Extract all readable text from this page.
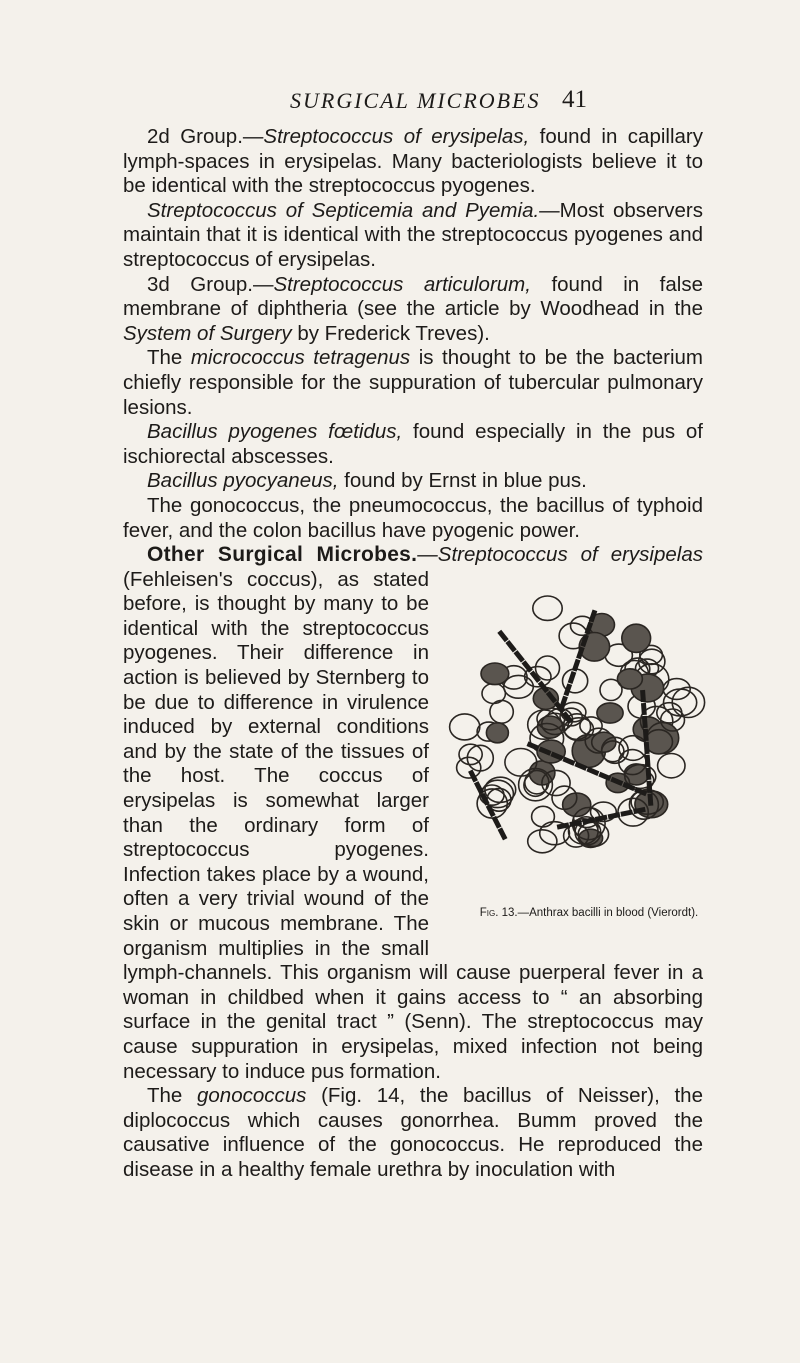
SURGICAL MICROBES 41

2d Group.—Streptococcus of erysipelas, found in capillary lymph-spaces in erysipelas. Many bacteriologists believe it to be identical with the streptococcus pyogenes.

Streptococcus of Septicemia and Pyemia.—Most observers maintain that it is identical with the streptococcus pyogenes and streptococcus of erysipelas.

3d Group.—Streptococcus articulorum, found in false membrane of diphtheria (see the article by Woodhead in the System of Surgery by Frederick Treves).

The micrococcus tetragenus is thought to be the bacterium chiefly responsible for the suppuration of tubercular pulmonary lesions.

Bacillus pyogenes fœtidus, found especially in the pus of ischiorectal abscesses.

Bacillus pyocyaneus, found by Ernst in blue pus.

The gonococcus, the pneumococcus, the bacillus of typhoid fever, and the colon bacillus have pyogenic power.

Other Surgical Microbes.—Streptococcus of erysipelas
Fig. 13.—Anthrax bacilli in blood (Vierordt).
(Fehleisen's coccus), as stated before, is thought by many to be identical with the streptococcus pyogenes. Their difference in action is believed by Sternberg to be due to difference in virulence induced by external conditions and by the state of the tissues of the host. The coccus of erysipelas is somewhat larger than the ordinary form of streptococcus pyogenes. Infection takes place by a wound, often a very trivial wound of the skin or mucous membrane. The organism multiplies in the small lymph-channels. This organism will cause puerperal fever in a woman in childbed when it gains access to “ an absorbing surface in the genital tract ” (Senn). The streptococcus may cause suppuration in erysipelas, mixed infection not being necessary to induce pus formation.

The gonococcus (Fig. 14, the bacillus of Neisser), the diplococcus which causes gonorrhea. Bumm proved the causative influence of the gonococcus. He reproduced the disease in a healthy female urethra by inoculation with
